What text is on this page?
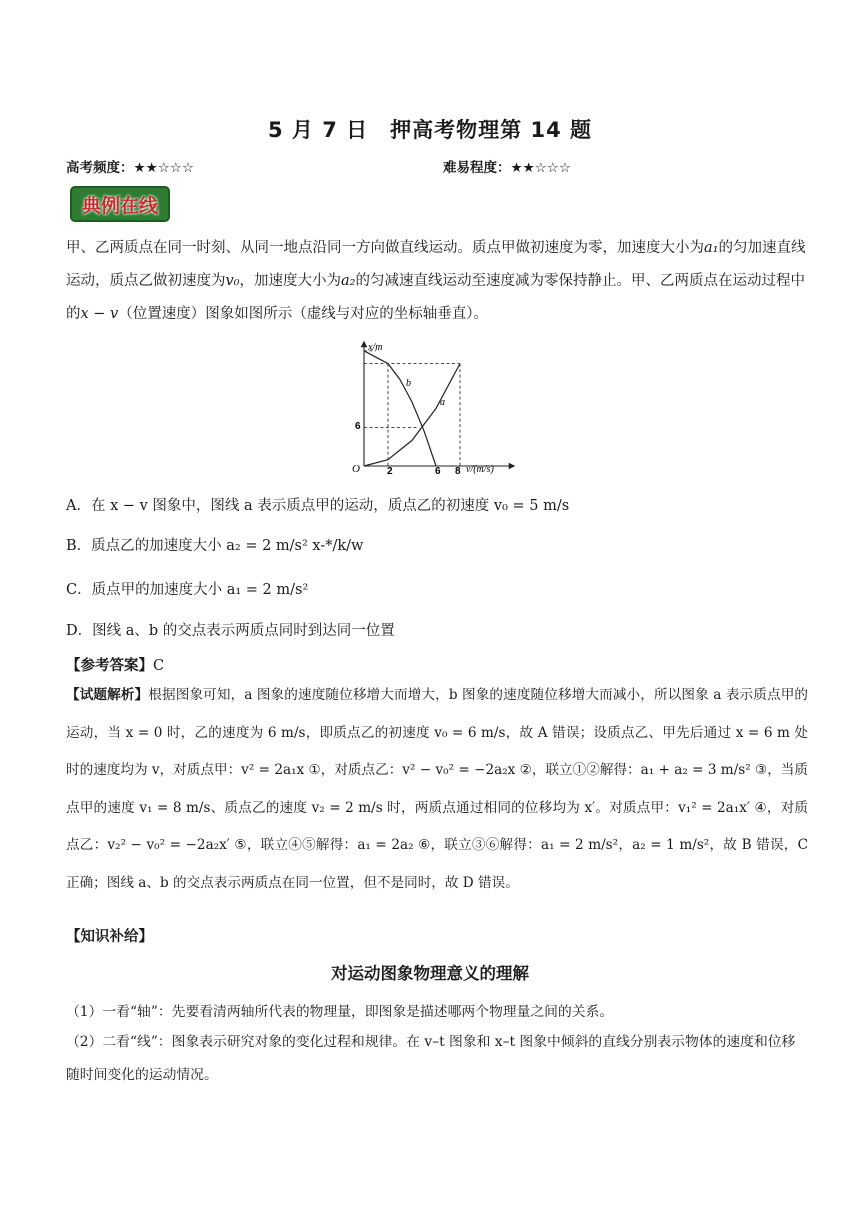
5 月 7 日　押高考物理第 14 题
高考频度：★★☆☆☆	难易程度：★★☆☆☆
典例在线
甲、乙两质点在同一时刻、从同一地点沿同一方向做直线运动。质点甲做初速度为零，加速度大小为a₁的匀加速直线运动，质点乙做初速度为v₀，加速度大小为a₂的匀减速直线运动至速度减为零保持静止。甲、乙两质点在运动过程中的x − v（位置速度）图象如图所示（虚线与对应的坐标轴垂直）。
O
x/m
v/(m/s)
2	6 8
6
a
b
A．在 x − v 图象中，图线 a 表示质点甲的运动，质点乙的初速度 v₀ = 5 m/s
B．质点乙的加速度大小 a₂ = 2 m/s² x-*/k/w
C．质点甲的加速度大小 a₁ = 2 m/s²
D．图线 a、b 的交点表示两质点同时到达同一位置
【参考答案】C
【试题解析】根据图象可知，a 图象的速度随位移增大而增大，b 图象的速度随位移增大而减小，所以图象 a 表示质点甲的运动，当 x = 0 时，乙的速度为 6 m/s，即质点乙的初速度 v₀ = 6 m/s，故 A 错误；设质点乙、甲先后通过 x = 6 m 处时的速度均为 v，对质点甲：v² = 2a₁x ①，对质点乙：v² − v₀² = −2a₂x ②，联立①②解得：a₁ + a₂ = 3 m/s² ③，当质点甲的速度 v₁ = 8 m/s、质点乙的速度 v₂ = 2 m/s 时，两质点通过相同的位移均为 x′。对质点甲：v₁² = 2a₁x′ ④，对质点乙：v₂² − v₀² = −2a₂x′ ⑤，联立④⑤解得：a₁ = 2a₂ ⑥，联立③⑥解得：a₁ = 2 m/s²，a₂ = 1 m/s²，故 B 错误，C 正确；图线 a、b 的交点表示两质点在同一位置，但不是同时，故 D 错误。
【知识补给】
对运动图象物理意义的理解
（1）一看“轴”：先要看清两轴所代表的物理量，即图象是描述哪两个物理量之间的关系。
（2）二看“线”：图象表示研究对象的变化过程和规律。在 v–t 图象和 x–t 图象中倾斜的直线分别表示物体的速度和位移随时间变化的运动情况。
